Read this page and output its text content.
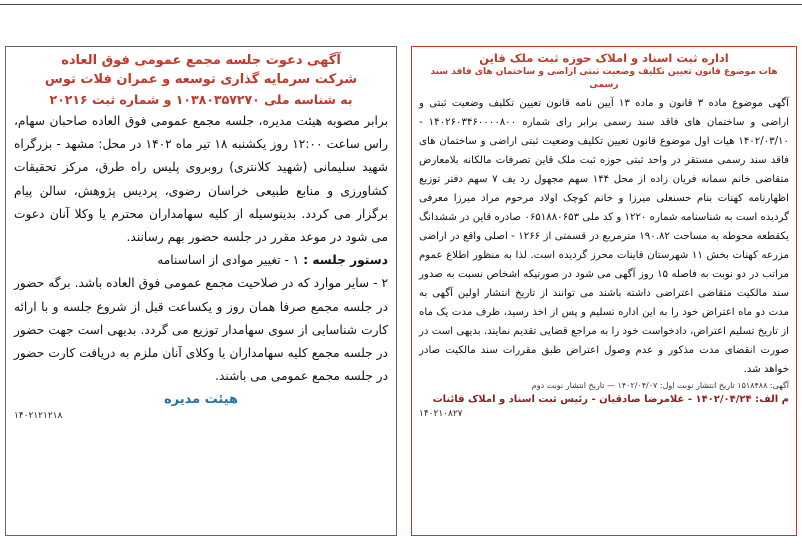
اداره ثبت اسناد و املاک حوزه ثبت ملک قاین
هات موضوع قانون تعیین تکلیف وضعیت ثبتی اراضی و ساختمان های فاقد سند رسمی

آگهی موضوع ماده ۳ قانون و ماده ۱۳ آیین نامه قانون تعیین تکلیف وضعیت ثبتی و اراضی و ساختمان های فاقد سند رسمی برابر رای شماره ۱۴۰۲۶۰۳۴۶۰۰۰۰۸۰۰ - ۱۴۰۲/۰۳/۱۰ هیات اول موضوع قانون تعیین تکلیف وضعیت ثبتی اراضی و ساختمان های فاقد سند رسمی مستقر در واحد ثبتی حوزه ثبت ملک قاین تصرفات مالکانه بلامعارض متقاضی خانم سمانه فریان زاده از محل ۱۴۴ سهم مجهول رد یف ۷ سهم دفتر توزیع اظهارنامه کهنات بنام حسنعلی میرزا و خانم کوچک اولاد مرحوم مراد میرزا معرفی گردیده است به شناسنامه شماره ۱۲۲۰ و کد ملی ۰۶۵۱۸۸۰۶۵۳ صادره قاین در ششدانگ یکقطعه محوطه به مساحت ۱۹۰.۸۲ مترمربع در قسمتی از ۱۲۶۶ - اصلی واقع در اراضی مزرعه کهنات بخش ۱۱ شهرستان قاینات محرز گردیده است. لذا به منظور اطلاع عموم مراتب در دو نوبت به فاصله ۱۵ روز آگهی می شود در صورتیکه اشخاص نسبت به صدور سند مالکیت متقاضی اعتراضی داشته باشند می توانند از تاریخ انتشار اولین آگهی به مدت دو ماه اعتراض خود را به این اداره تسلیم و پس از اخذ رسید، ظرف مدت یک ماه از تاریخ تسلیم اعتراض، دادخواست خود را به مراجع قضایی تقدیم نمایند. بدیهی است در صورت انقضای مدت مذکور و عدم وصول اعتراض طبق مقررات سند مالکیت صادر خواهد شد.

آگهی: ۱۵۱۸۴۸۸ تاریخ انتشار نوبت اول: ۱۴۰۲/۰۴/۰۷ — تاریخ انتشار نوبت دوم

م الف: ۱۴۰۲/۰۴/۲۴ - غلامرضا صادقیان - رئیس ثبت اسناد و املاک قائنات

۱۴۰۲۱۰۸۲۷

آگهی دعوت جلسه مجمع عمومی فوق العاده
شرکت سرمایه گذاری توسعه و عمران فلات توس
به شناسه ملی ۱۰۳۸۰۳۵۷۲۷۰ و شماره ثبت ۲۰۲۱۶

برابر مصوبه هیئت مدیره، جلسه مجمع عمومی فوق العاده صاحبان سهام، راس ساعت ۱۲:۰۰ روز یکشنبه ۱۸ تیر ماه ۱۴۰۲ در محل: مشهد - بزرگراه شهید سلیمانی (شهید کلانتری) روبروی پلیس راه طرق، مرکز تحقیقات کشاورزی و منابع طبیعی خراسان رضوی، پردیس پژوهش، سالن پیام برگزار می کردد. بدینوسیله از کلیه سهامداران محترم یا وکلا آنان دعوت می شود در موعد مقرر در جلسه حضور بهم رسانند.

دستور جلسه : ۱ - تغییر موادی از اساسنامه

۲ - سایر موارد که در صلاحیت مجمع عمومی فوق العاده باشد. برگه حضور در جلسه مجمع صرفا همان روز و یکساعت قبل از شروع جلسه و با ارائه کارت شناسایی از سوی سهامدار توزیع می گردد. بدیهی است جهت حضور در جلسه مجمع کلیه سهامداران یا وکلای آنان ملزم به دریافت کارت حضور در جلسه مجمع عمومی می باشند.

هیئت مدیره

۱۴۰۲۱۲۱۲۱۸
